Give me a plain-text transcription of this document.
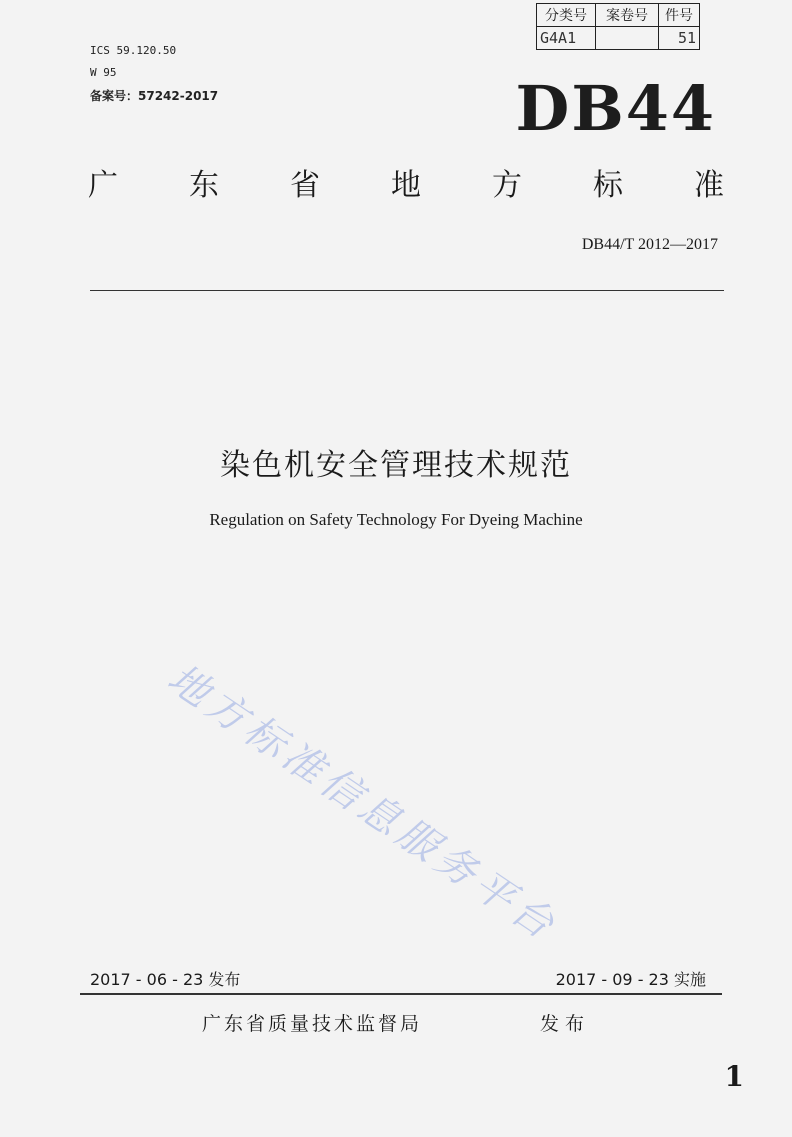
分类号	案卷号	件号
G4A1		51
ICS 59.120.50
W 95
备案号：57242-2017	DB44
广 东 省 地 方 标 准
DB44/T 2012—2017
染色机安全管理技术规范
Regulation on Safety Technology For Dyeing Machine
地方标准信息服务平台
2017 - 06 - 23 发布	2017 - 09 - 23 实施
广东省质量技术监督局	发布
1
